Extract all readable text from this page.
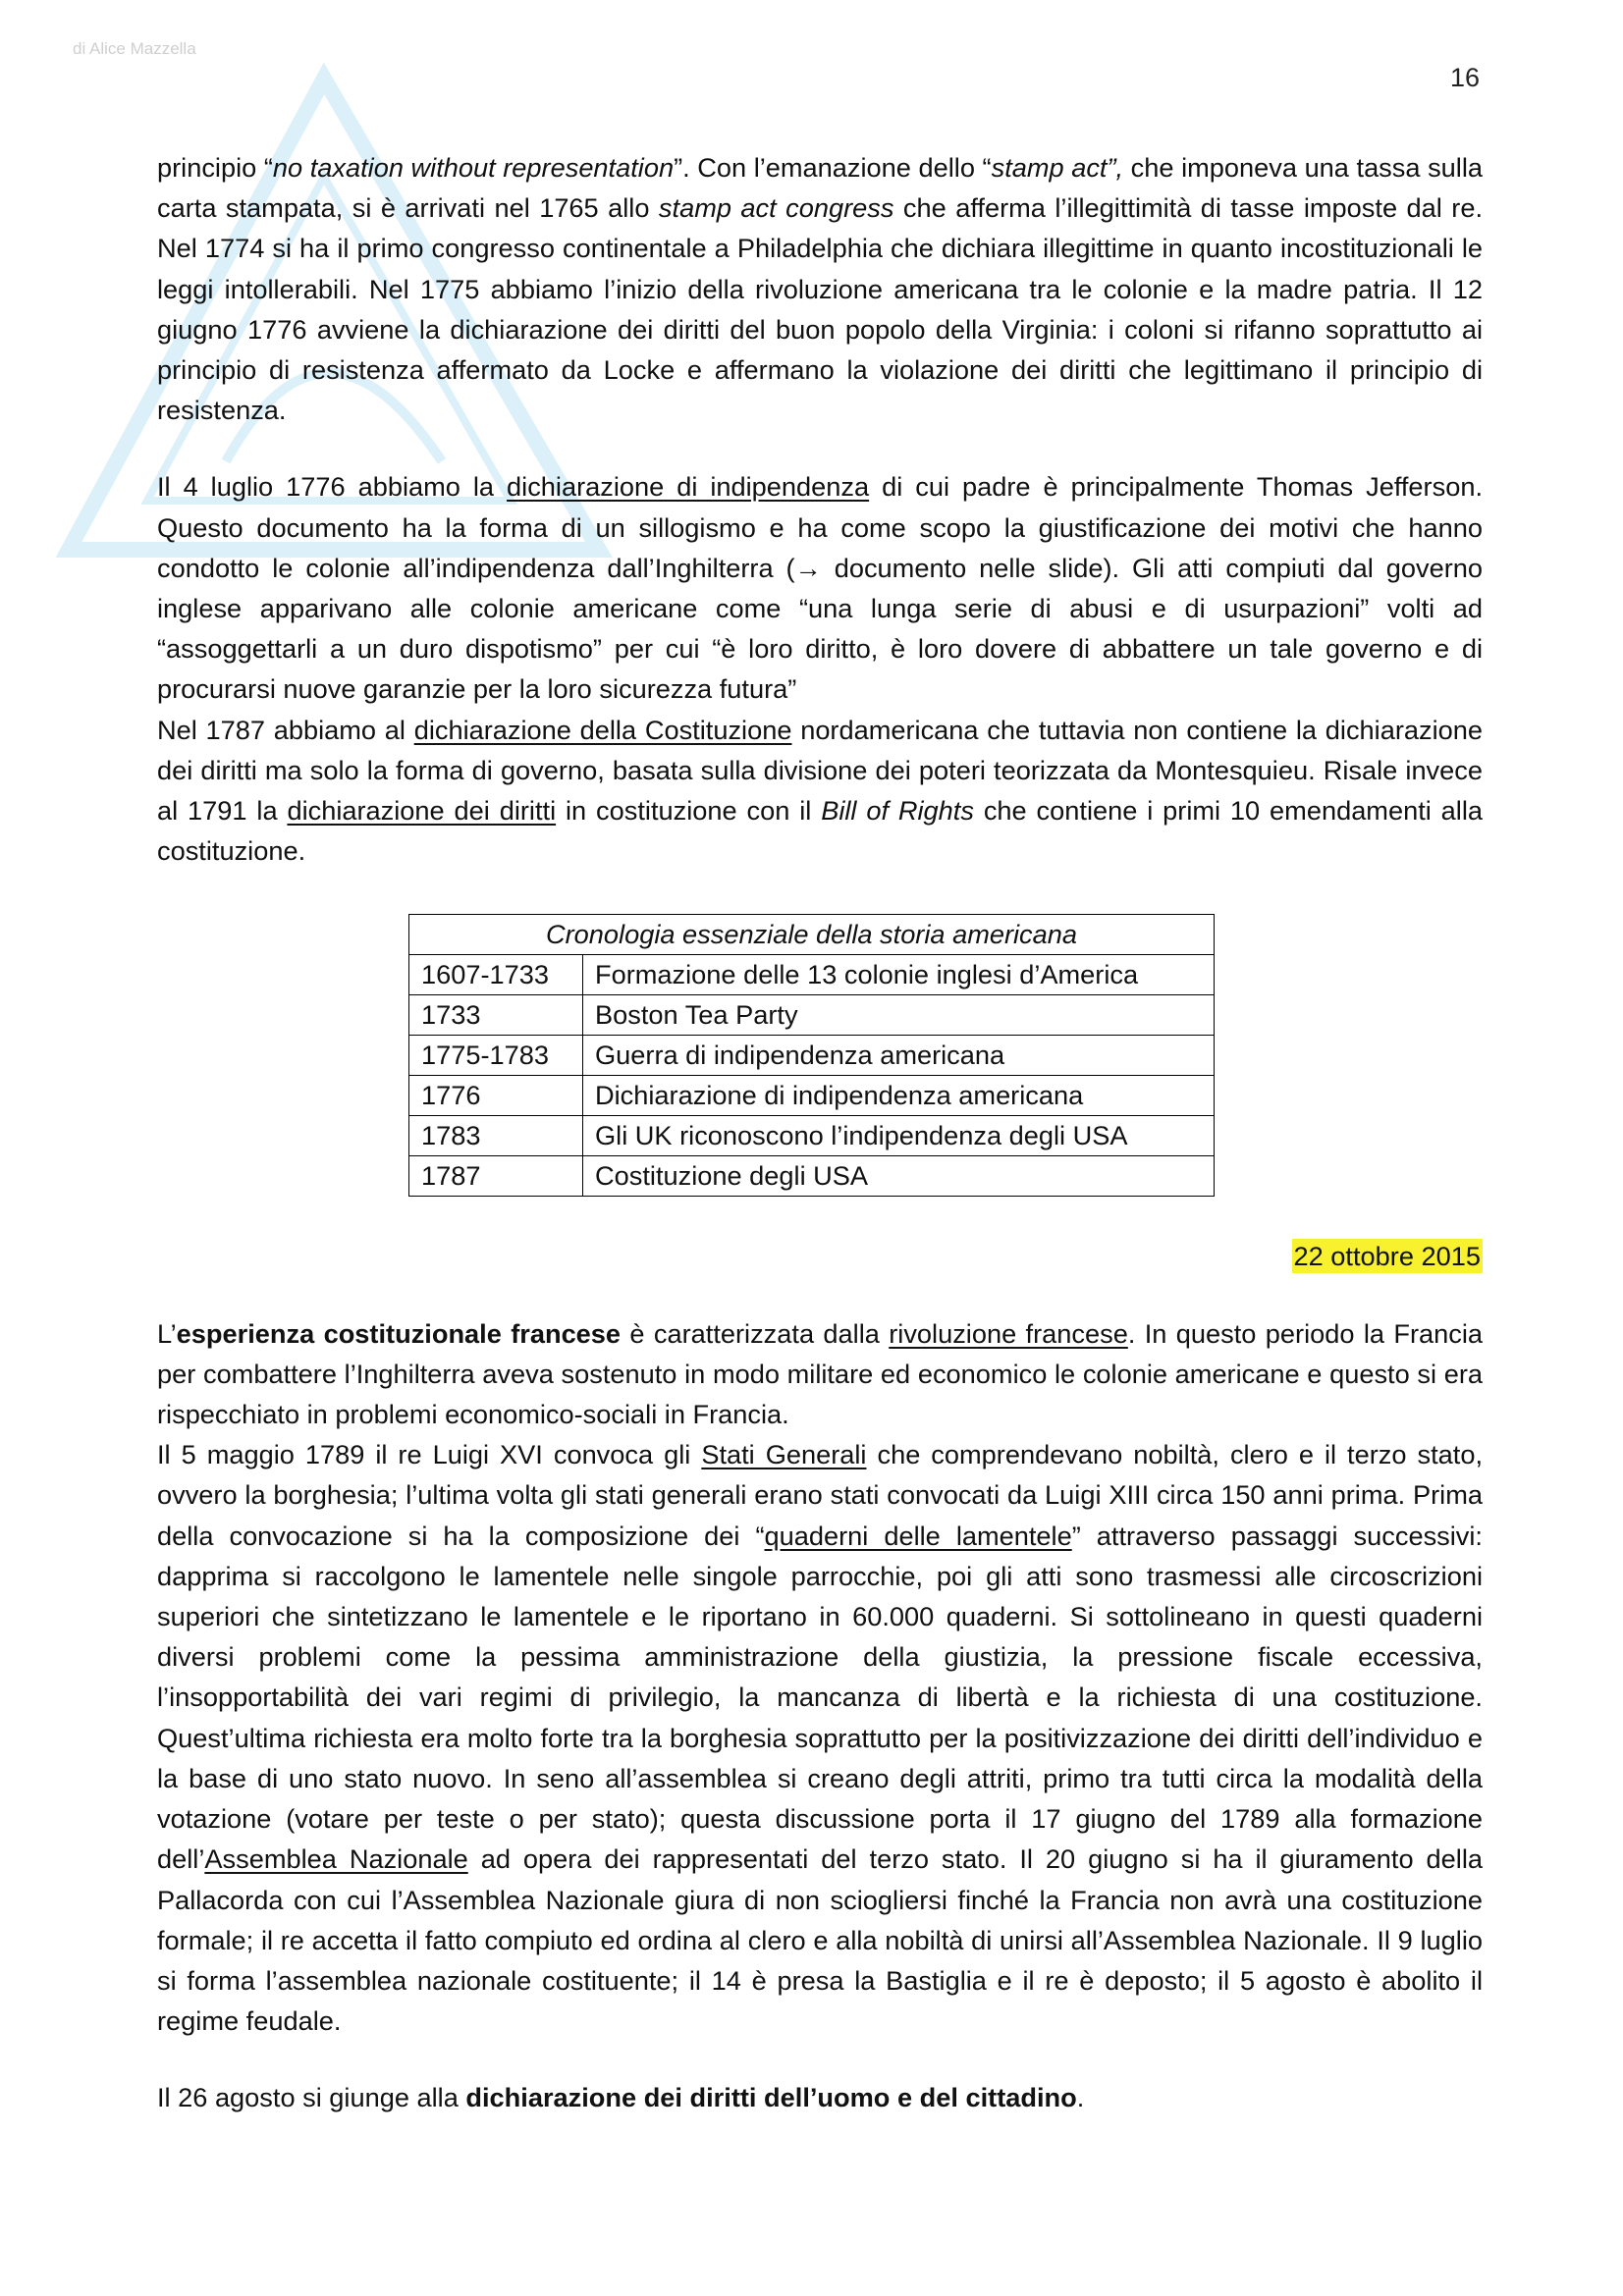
di Alice Mazzella
16

principio “no taxation without representation”. Con l’emanazione dello “stamp act”, che imponeva una tassa sulla carta stampata, si è arrivati nel 1765 allo stamp act congress che afferma l’illegittimità di tasse imposte dal re. Nel 1774 si ha il primo congresso continentale a Philadelphia che dichiara illegittime in quanto incostituzionali le leggi intollerabili. Nel 1775 abbiamo l’inizio della rivoluzione americana tra le colonie e la madre patria. Il 12 giugno 1776 avviene la dichiarazione dei diritti del buon popolo della Virginia: i coloni si rifanno soprattutto ai principio di resistenza affermato da Locke e affermano la violazione dei diritti che legittimano il principio di resistenza.

Il 4 luglio 1776 abbiamo la dichiarazione di indipendenza di cui padre è principalmente Thomas Jefferson. Questo documento ha la forma di un sillogismo e ha come scopo la giustificazione dei motivi che hanno condotto le colonie all’indipendenza dall’Inghilterra (→ documento nelle slide). Gli atti compiuti dal governo inglese apparivano alle colonie americane come “una lunga serie di abusi e di usurpazioni” volti ad “assoggettarli a un duro dispotismo” per cui “è loro diritto, è loro dovere di abbattere un tale governo e di procurarsi nuove garanzie per la loro sicurezza futura”

Nel 1787 abbiamo al dichiarazione della Costituzione nordamericana che tuttavia non contiene la dichiarazione dei diritti ma solo la forma di governo, basata sulla divisione dei poteri teorizzata da Montesquieu. Risale invece al 1791 la dichiarazione dei diritti in costituzione con il Bill of Rights che contiene i primi 10 emendamenti alla costituzione.

Cronologia essenziale della storia americana	
1607-1733	Formazione delle 13 colonie inglesi d’America
1733	Boston Tea Party
1775-1783	Guerra di indipendenza americana
1776	Dichiarazione di indipendenza americana
1783	Gli UK riconoscono l’indipendenza degli USA
1787	Costituzione degli USA

22 ottobre 2015

L’esperienza costituzionale francese è caratterizzata dalla rivoluzione francese. In questo periodo la Francia per combattere l’Inghilterra aveva sostenuto in modo militare ed economico le colonie americane e questo si era rispecchiato in problemi economico-sociali in Francia.

Il 5 maggio 1789 il re Luigi XVI convoca gli Stati Generali che comprendevano nobiltà, clero e il terzo stato, ovvero la borghesia; l’ultima volta gli stati generali erano stati convocati da Luigi XIII circa 150 anni prima. Prima della convocazione si ha la composizione dei “quaderni delle lamentele” attraverso passaggi successivi: dapprima si raccolgono le lamentele nelle singole parrocchie, poi gli atti sono trasmessi alle circoscrizioni superiori che sintetizzano le lamentele e le riportano in 60.000 quaderni. Si sottolineano in questi quaderni diversi problemi come la pessima amministrazione della giustizia, la pressione fiscale eccessiva, l’insopportabilità dei vari regimi di privilegio, la mancanza di libertà e la richiesta di una costituzione. Quest’ultima richiesta era molto forte tra la borghesia soprattutto per la positivizzazione dei diritti dell’individuo e la base di uno stato nuovo. In seno all’assemblea si creano degli attriti, primo tra tutti circa la modalità della votazione (votare per teste o per stato); questa discussione porta il 17 giugno del 1789 alla formazione dell’Assemblea Nazionale ad opera dei rappresentati del terzo stato. Il 20 giugno si ha il giuramento della Pallacorda con cui l’Assemblea Nazionale giura di non sciogliersi finché la Francia non avrà una costituzione formale; il re accetta il fatto compiuto ed ordina al clero e alla nobiltà di unirsi all’Assemblea Nazionale. Il 9 luglio si forma l’assemblea nazionale costituente; il 14 è presa la Bastiglia e il re è deposto; il 5 agosto è abolito il regime feudale.

Il 26 agosto si giunge alla dichiarazione dei diritti dell’uomo e del cittadino.
